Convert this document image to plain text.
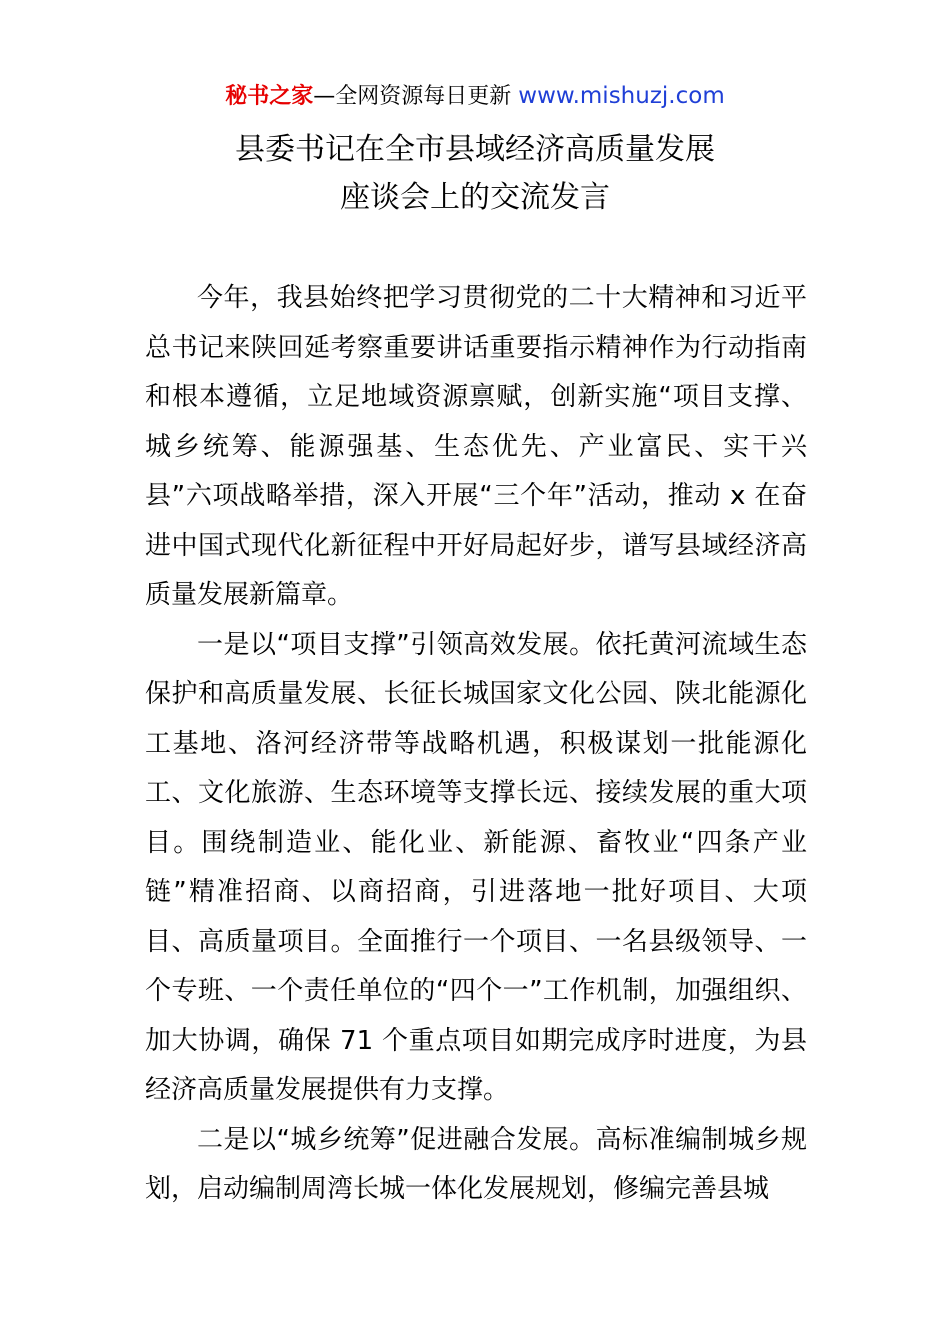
秘书之家—全网资源每日更新 www.mishuzj.com
县委书记在全市县域经济高质量发展
座谈会上的交流发言

今年，我县始终把学习贯彻党的二十大精神和习近平总书记来陕回延考察重要讲话重要指示精神作为行动指南和根本遵循，立足地域资源禀赋，创新实施“项目支撑、城乡统筹、能源强基、生态优先、产业富民、实干兴县”六项战略举措，深入开展“三个年”活动，推动 x 在奋进中国式现代化新征程中开好局起好步，谱写县域经济高质量发展新篇章。

一是以“项目支撑”引领高效发展。依托黄河流域生态保护和高质量发展、长征长城国家文化公园、陕北能源化工基地、洛河经济带等战略机遇，积极谋划一批能源化工、文化旅游、生态环境等支撑长远、接续发展的重大项目。围绕制造业、能化业、新能源、畜牧业“四条产业链”精准招商、以商招商，引进落地一批好项目、大项目、高质量项目。全面推行一个项目、一名县级领导、一个专班、一个责任单位的“四个一”工作机制，加强组织、加大协调，确保 71 个重点项目如期完成序时进度，为县经济高质量发展提供有力支撑。

二是以“城乡统筹”促进融合发展。高标准编制城乡规划，启动编制周湾长城一体化发展规划，修编完善县城
